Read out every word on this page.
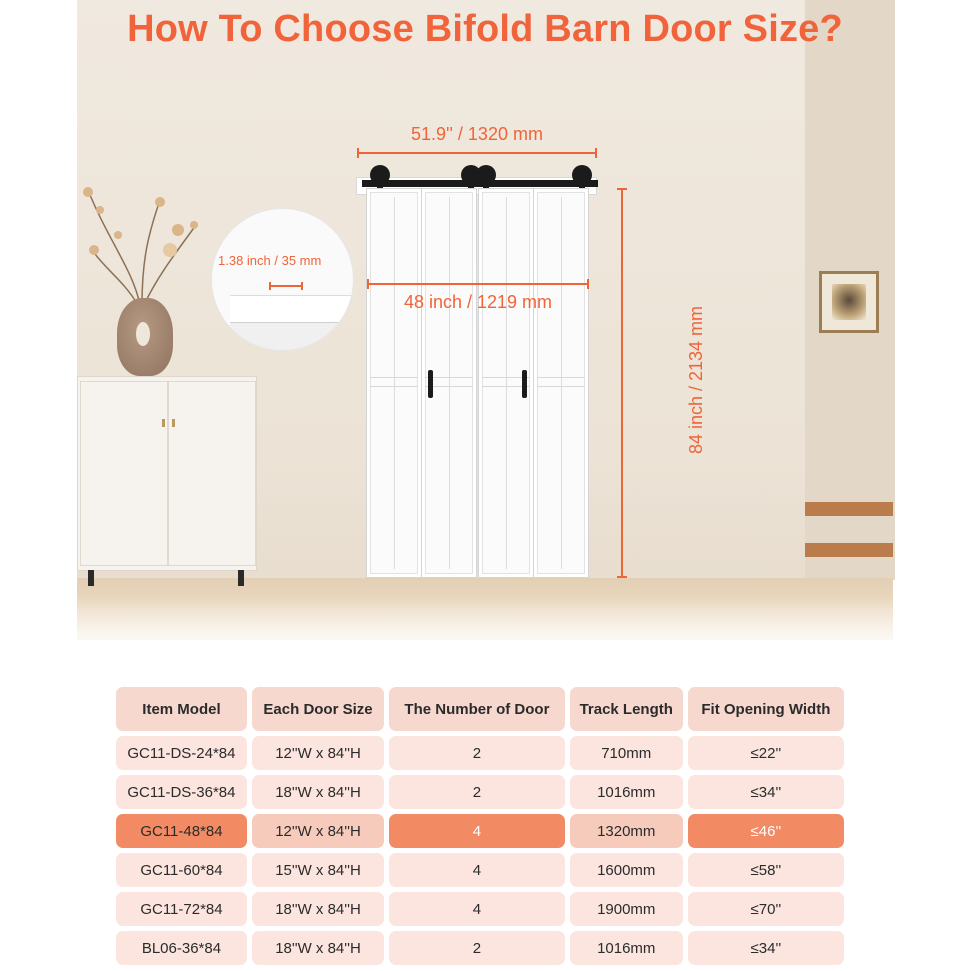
1.38 inch / 35 mm
51.9'' / 1320 mm
48 inch / 1219 mm
84 inch / 2134 mm
How To Choose Bifold Barn Door Size?
Item Model	Each Door Size	The Number of Door	Track Length	Fit Opening Width
GC11-DS-24*84	12''W x 84''H	2	710mm	≤22''
GC11-DS-36*84	18''W x 84''H	2	1016mm	≤34''
GC11-48*84	12''W x 84''H	4	1320mm	≤46''
GC11-60*84	15''W x 84''H	4	1600mm	≤58''
GC11-72*84	18''W x 84''H	4	1900mm	≤70''
BL06-36*84	18''W x 84''H	2	1016mm	≤34''
